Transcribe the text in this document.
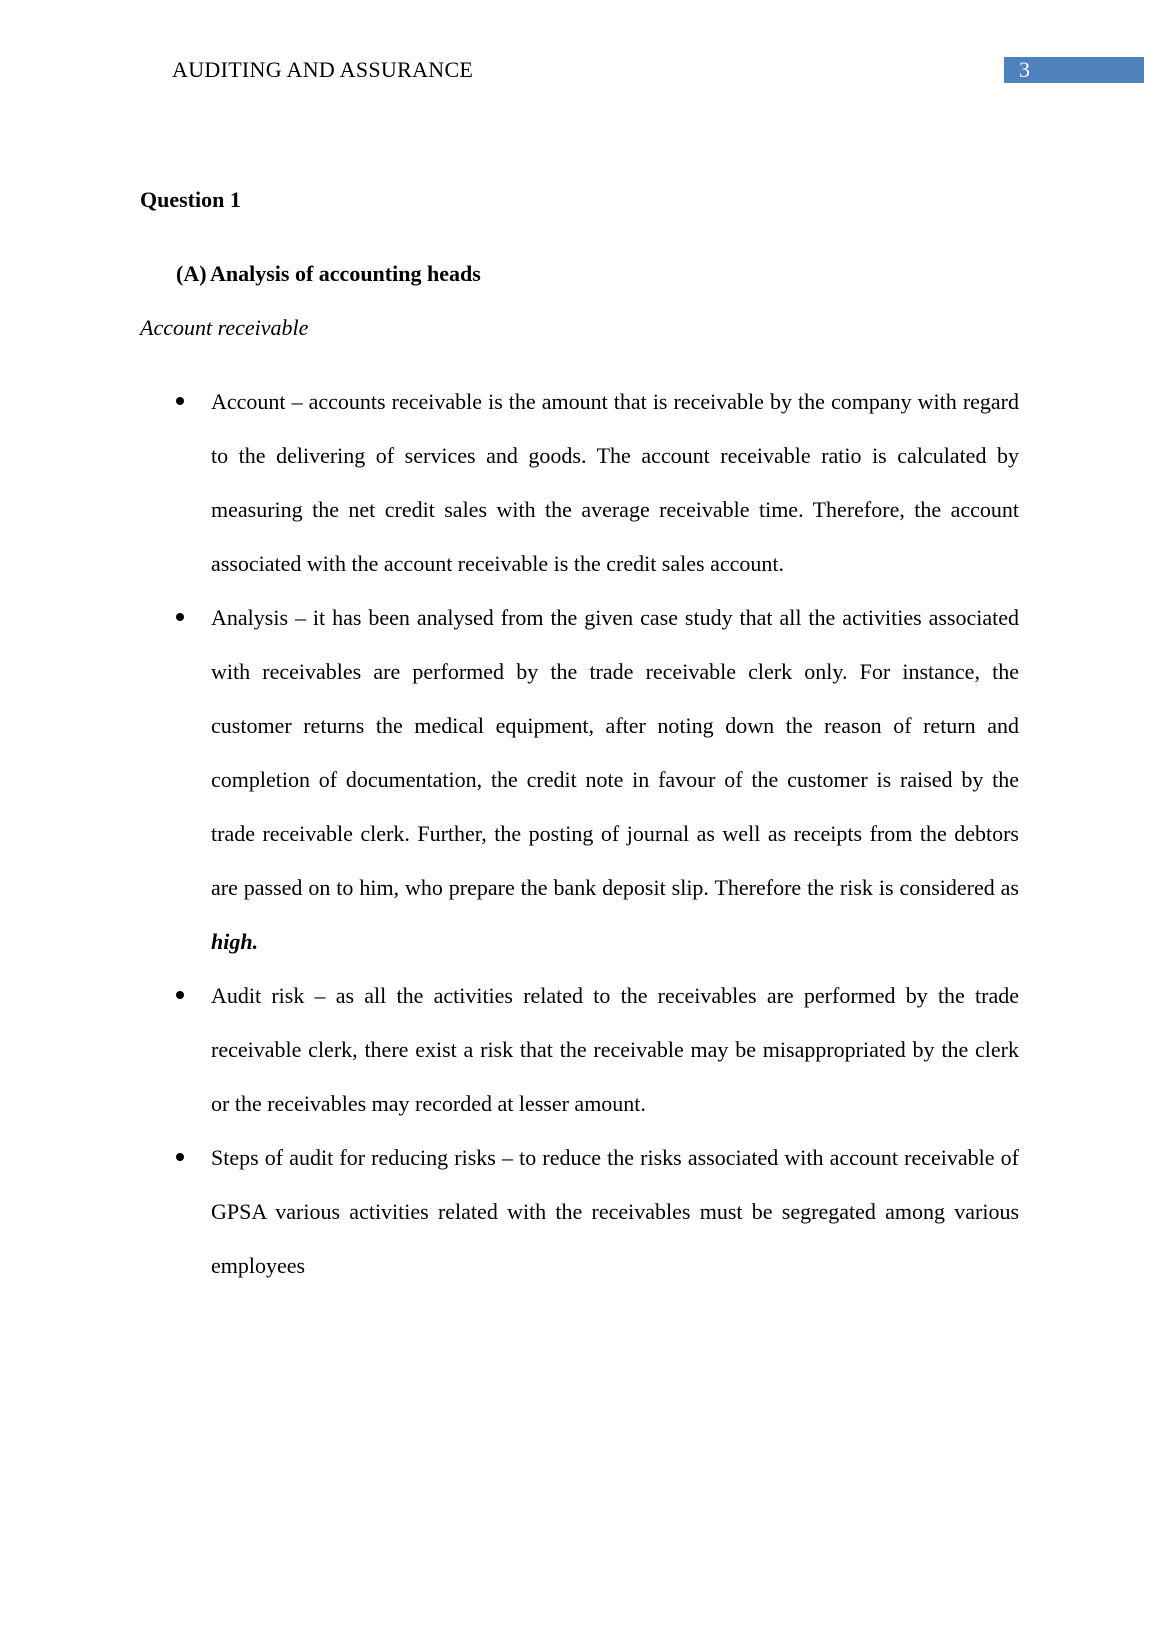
AUDITING AND ASSURANCE	3
Question 1
(A) Analysis of accounting heads
Account receivable
Account – accounts receivable is the amount that is receivable by the company with regard to the delivering of services and goods. The account receivable ratio is calculated by measuring the net credit sales with the average receivable time. Therefore, the account associated with the account receivable is the credit sales account.
Analysis – it has been analysed from the given case study that all the activities associated with receivables are performed by the trade receivable clerk only. For instance, the customer returns the medical equipment, after noting down the reason of return and completion of documentation, the credit note in favour of the customer is raised by the trade receivable clerk. Further, the posting of journal as well as receipts from the debtors are passed on to him, who prepare the bank deposit slip. Therefore the risk is considered as high.
Audit risk – as all the activities related to the receivables are performed by the trade receivable clerk, there exist a risk that the receivable may be misappropriated by the clerk or the receivables may recorded at lesser amount.
Steps of audit for reducing risks – to reduce the risks associated with account receivable of GPSA various activities related with the receivables must be segregated among various employees
